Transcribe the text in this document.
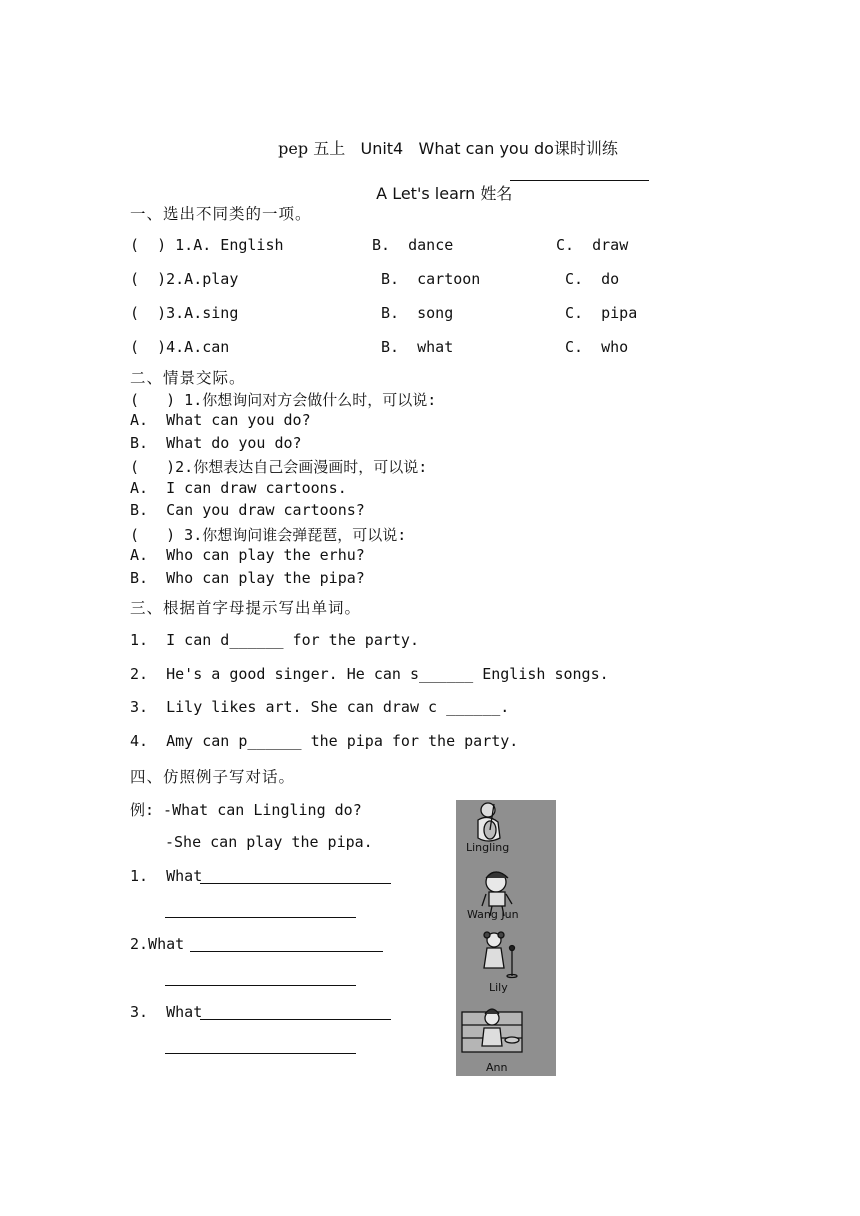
pep 五上 Unit4 What can you do课时训练

A Let's learn 姓名

一、选出不同类的一项。
(  ) 1.A. English	B.  dance	C.  draw
(  )2.A.play	B.  cartoon	C.  do
(  )3.A.sing	B.  song	C.  pipa
(  )4.A.can	B.  what	C.  who
二、情景交际。
(   ) 1.你想询问对方会做什么时，可以说:
A.  What can you do?
B.  What do you do?
(   )2.你想表达自己会画漫画时，可以说:
A.  I can draw cartoons.
B.  Can you draw cartoons?
(   ) 3.你想询问谁会弹琵琶，可以说:
A.  Who can play the erhu?
B.  Who can play the pipa?
三、根据首字母提示写出单词。
1.  I can d______ for the party.
2.  He's a good singer. He can s______ English songs.
3.  Lily likes art. She can draw c ______.
4.  Amy can p______ the pipa for the party.
四、仿照例子写对话。
例: -What can Lingling do?
-She can play the pipa.
1.  What
2.What
3.  What
Lingling
Wang Jun
Lily
Ann
